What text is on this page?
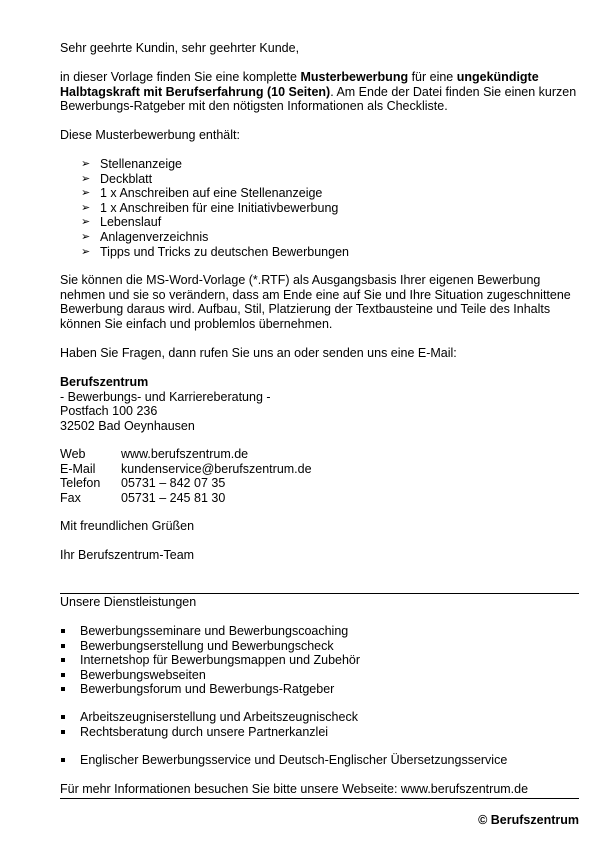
Sehr geehrte Kundin, sehr geehrter Kunde,

in dieser Vorlage finden Sie eine komplette Musterbewerbung für eine ungekündigte Halbtagskraft mit Berufserfahrung (10 Seiten). Am Ende der Datei finden Sie einen kurzen Bewerbungs-Ratgeber mit den nötigsten Informationen als Checkliste.

Diese Musterbewerbung enthält:

➢ Stellenanzeige
➢ Deckblatt
➢ 1 x Anschreiben auf eine Stellenanzeige
➢ 1 x Anschreiben für eine Initiativbewerbung
➢ Lebenslauf
➢ Anlagenverzeichnis
➢ Tipps und Tricks zu deutschen Bewerbungen

Sie können die MS-Word-Vorlage (*.RTF) als Ausgangsbasis Ihrer eigenen Bewerbung nehmen und sie so verändern, dass am Ende eine auf Sie und Ihre Situation zugeschnittene Bewerbung daraus wird. Aufbau, Stil, Platzierung der Textbausteine und Teile des Inhalts können Sie einfach und problemlos übernehmen.

Haben Sie Fragen, dann rufen Sie uns an oder senden uns eine E-Mail:

Berufszentrum
- Bewerbungs- und Karriereberatung -
Postfach 100 236
32502 Bad Oeynhausen
Web	www.berufszentrum.de
E-Mail	kundenservice@berufszentrum.de
Telefon	05731 – 842 07 35
Fax	05731 – 245 81 30

Mit freundlichen Grüßen

Ihr Berufszentrum-Team

Unsere Dienstleistungen

Bewerbungsseminare und Bewerbungscoaching
Bewerbungserstellung und Bewerbungscheck
Internetshop für Bewerbungsmappen und Zubehör
Bewerbungswebseiten
Bewerbungsforum und Bewerbungs-Ratgeber
Arbeitszeugniserstellung und Arbeitszeugnischeck
Rechtsberatung durch unsere Partnerkanzlei
Englischer Bewerbungsservice und Deutsch-Englischer Übersetzungsservice

Für mehr Informationen besuchen Sie bitte unsere Webseite: www.berufszentrum.de

© Berufszentrum
